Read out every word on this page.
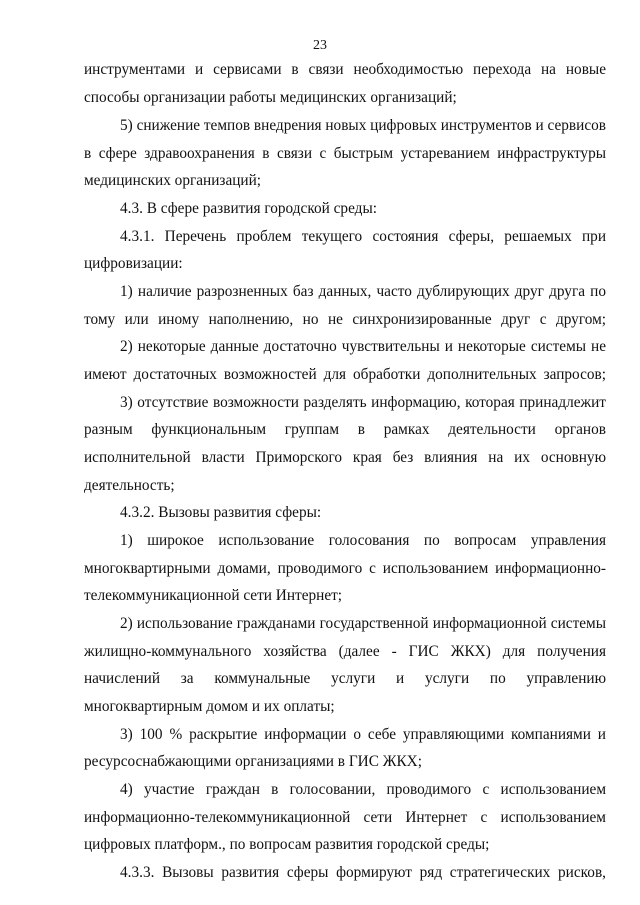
23
инструментами и сервисами в связи необходимостью перехода на новые
способы организации работы медицинских организаций;
5) снижение темпов внедрения новых цифровых инструментов и сервисов
в сфере здравоохранения в связи с быстрым устареванием инфраструктуры
медицинских организаций;
4.3. В сфере развития городской среды:
4.3.1. Перечень проблем текущего состояния сферы, решаемых при
цифровизации:
1) наличие разрозненных баз данных, часто дублирующих друг друга по
тому или иному наполнению, но не синхронизированные друг с другом;
2) некоторые данные достаточно чувствительны и некоторые системы не
имеют достаточных возможностей для обработки дополнительных запросов;
3) отсутствие возможности разделять информацию, которая принадлежит
разным функциональным группам в рамках деятельности органов
исполнительной власти Приморского края без влияния на их основную
деятельность;
4.3.2. Вызовы развития сферы:
1) широкое использование голосования по вопросам управления
многоквартирными домами, проводимого с использованием информационно-
телекоммуникационной сети Интернет;
2) использование гражданами государственной информационной системы
жилищно-коммунального хозяйства (далее - ГИС ЖКХ) для получения
начислений за коммунальные услуги и услуги по управлению
многоквартирным домом и их оплаты;
3) 100 % раскрытие информации о себе управляющими компаниями и
ресурсоснабжающими организациями в ГИС ЖКХ;
4) участие граждан в голосовании, проводимого с использованием
информационно-телекоммуникационной сети Интернет с использованием
цифровых платформ., по вопросам развития городской среды;
4.3.3. Вызовы развития сферы формируют ряд стратегических рисков,
